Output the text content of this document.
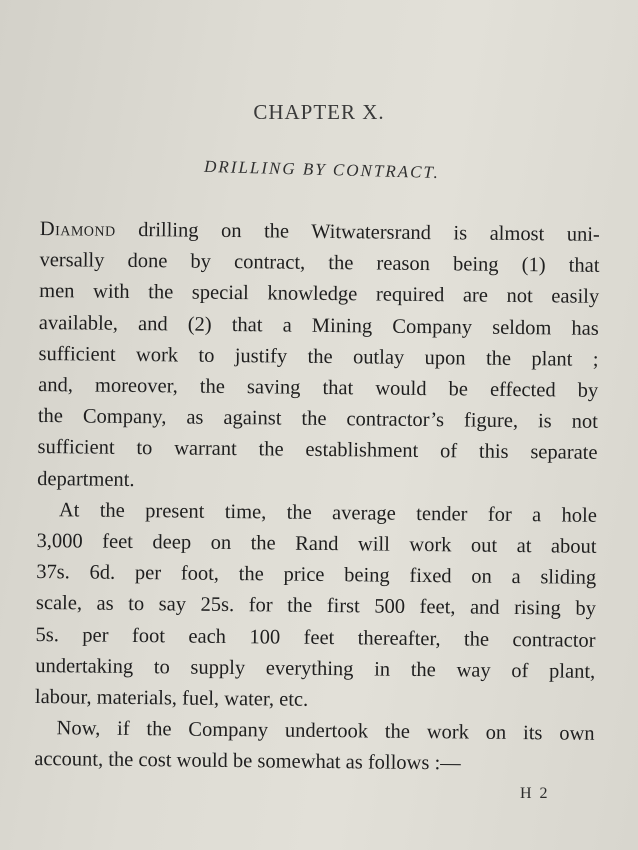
CHAPTER X.
DRILLING BY CONTRACT.
Diamond drilling on the Witwatersrand is almost uni-
versally done by contract, the reason being (1) that
men with the special knowledge required are not easily
available, and (2) that a Mining Company seldom has
sufficient work to justify the outlay upon the plant ;
and, moreover, the saving that would be effected by
the Company, as against the contractor’s figure, is not
sufficient to warrant the establishment of this separate
department.
At the present time, the average tender for a hole
3,000 feet deep on the Rand will work out at about
37s. 6d. per foot, the price being fixed on a sliding
scale, as to say 25s. for the first 500 feet, and rising by
5s. per foot each 100 feet thereafter, the contractor
undertaking to supply everything in the way of plant,
labour, materials, fuel, water, etc.
Now, if the Company undertook the work on its own
account, the cost would be somewhat as follows :—
H 2
